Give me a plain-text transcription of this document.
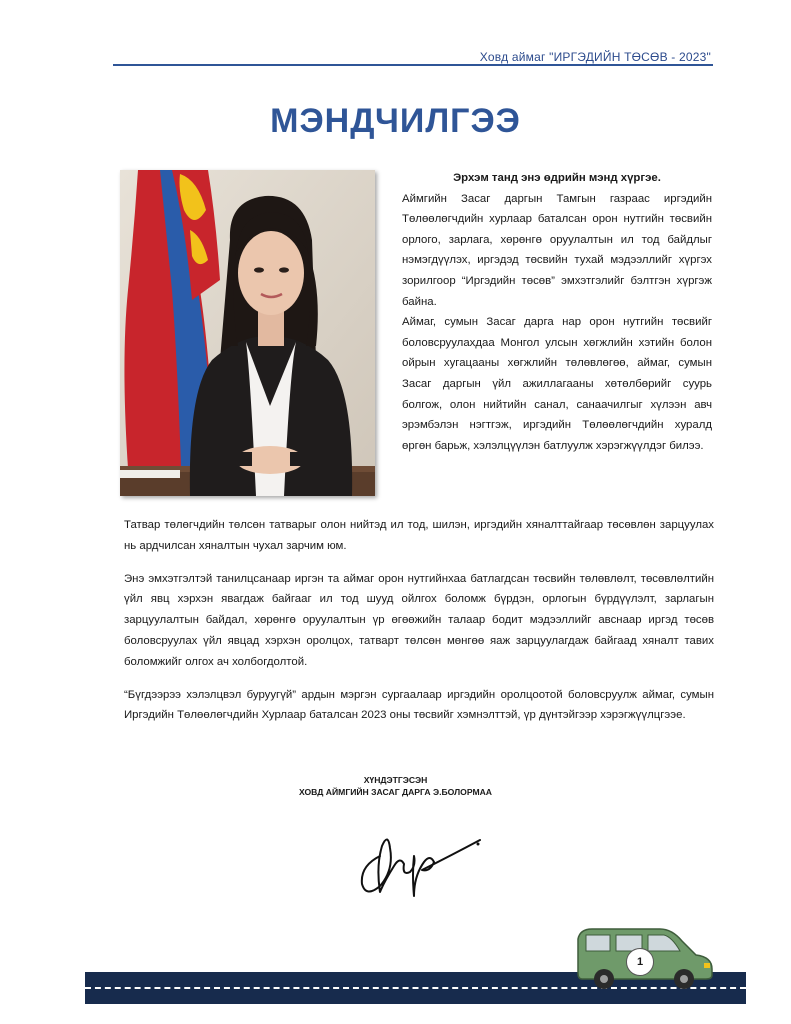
Ховд аймаг "ИРГЭДИЙН ТӨСӨВ - 2023"
МЭНДЧИЛГЭЭ
Эрхэм танд энэ өдрийн мэнд хүргэе.

Аймгийн Засаг даргын Тамгын газраас иргэдийн Төлөөлөгчдийн хурлаар баталсан орон нутгийн төсвийн орлого, зарлага, хөрөнгө оруулалтын ил тод байдлыг нэмэгдүүлэх, иргэдэд төсвийн тухай мэдээллийг хүргэх зорилгоор “Иргэдийн төсөв” эмхэтгэлийг бэлтгэн хүргэж байна.

Аймаг, сумын Засаг дарга нар орон нутгийн төсвийг боловсруулахдаа Монгол улсын хөгжлийн хэтийн болон ойрын хугацааны хөгжлийн төлөвлөгөө, аймаг, сумын Засаг даргын үйл ажиллагааны хөтөлбөрийг суурь болгож, олон нийтийн санал, санаачилгыг хүлээн авч эрэмбэлэн нэгтгэж, иргэдийн Төлөөлөгчдийн хуралд өргөн барьж, хэлэлцүүлэн батлуулж хэрэгжүүлдэг билээ.

Татвар төлөгчдийн төлсөн татварыг олон нийтэд ил тод, шилэн, иргэдийн хяналттайгаар төсөвлөн зарцуулах нь ардчилсан хяналтын чухал зарчим юм.

Энэ эмхэтгэлтэй танилцсанаар иргэн та аймаг орон нутгийнхаа батлагдсан төсвийн төлөвлөлт, төсөвлөлтийн үйл явц хэрхэн явагдаж байгааг ил тод шууд ойлгох боломж бүрдэн, орлогын бүрдүүлэлт, зарлагын зарцуулалтын байдал, хөрөнгө оруулалтын үр өгөөжийн талаар бодит мэдээллийг авснаар иргэд төсөв боловсруулах үйл явцад хэрхэн оролцох, татварт төлсөн мөнгөө яаж зарцуулагдаж байгаад хяналт тавих боломжийг олгох ач холбогдолтой.

“Бүгдээрээ хэлэлцвэл буруугүй” ардын мэргэн сургаалаар иргэдийн оролцоотой боловсруулж аймаг, сумын Иргэдийн Төлөөлөгчдийн Хурлаар баталсан 2023 оны төсвийг хэмнэлттэй, үр дүнтэйгээр хэрэгжүүлцгээе.

ХҮНДЭТГЭСЭН
ХОВД АЙМГИЙН ЗАСАГ ДАРГА Э.БОЛОРМАА
1
